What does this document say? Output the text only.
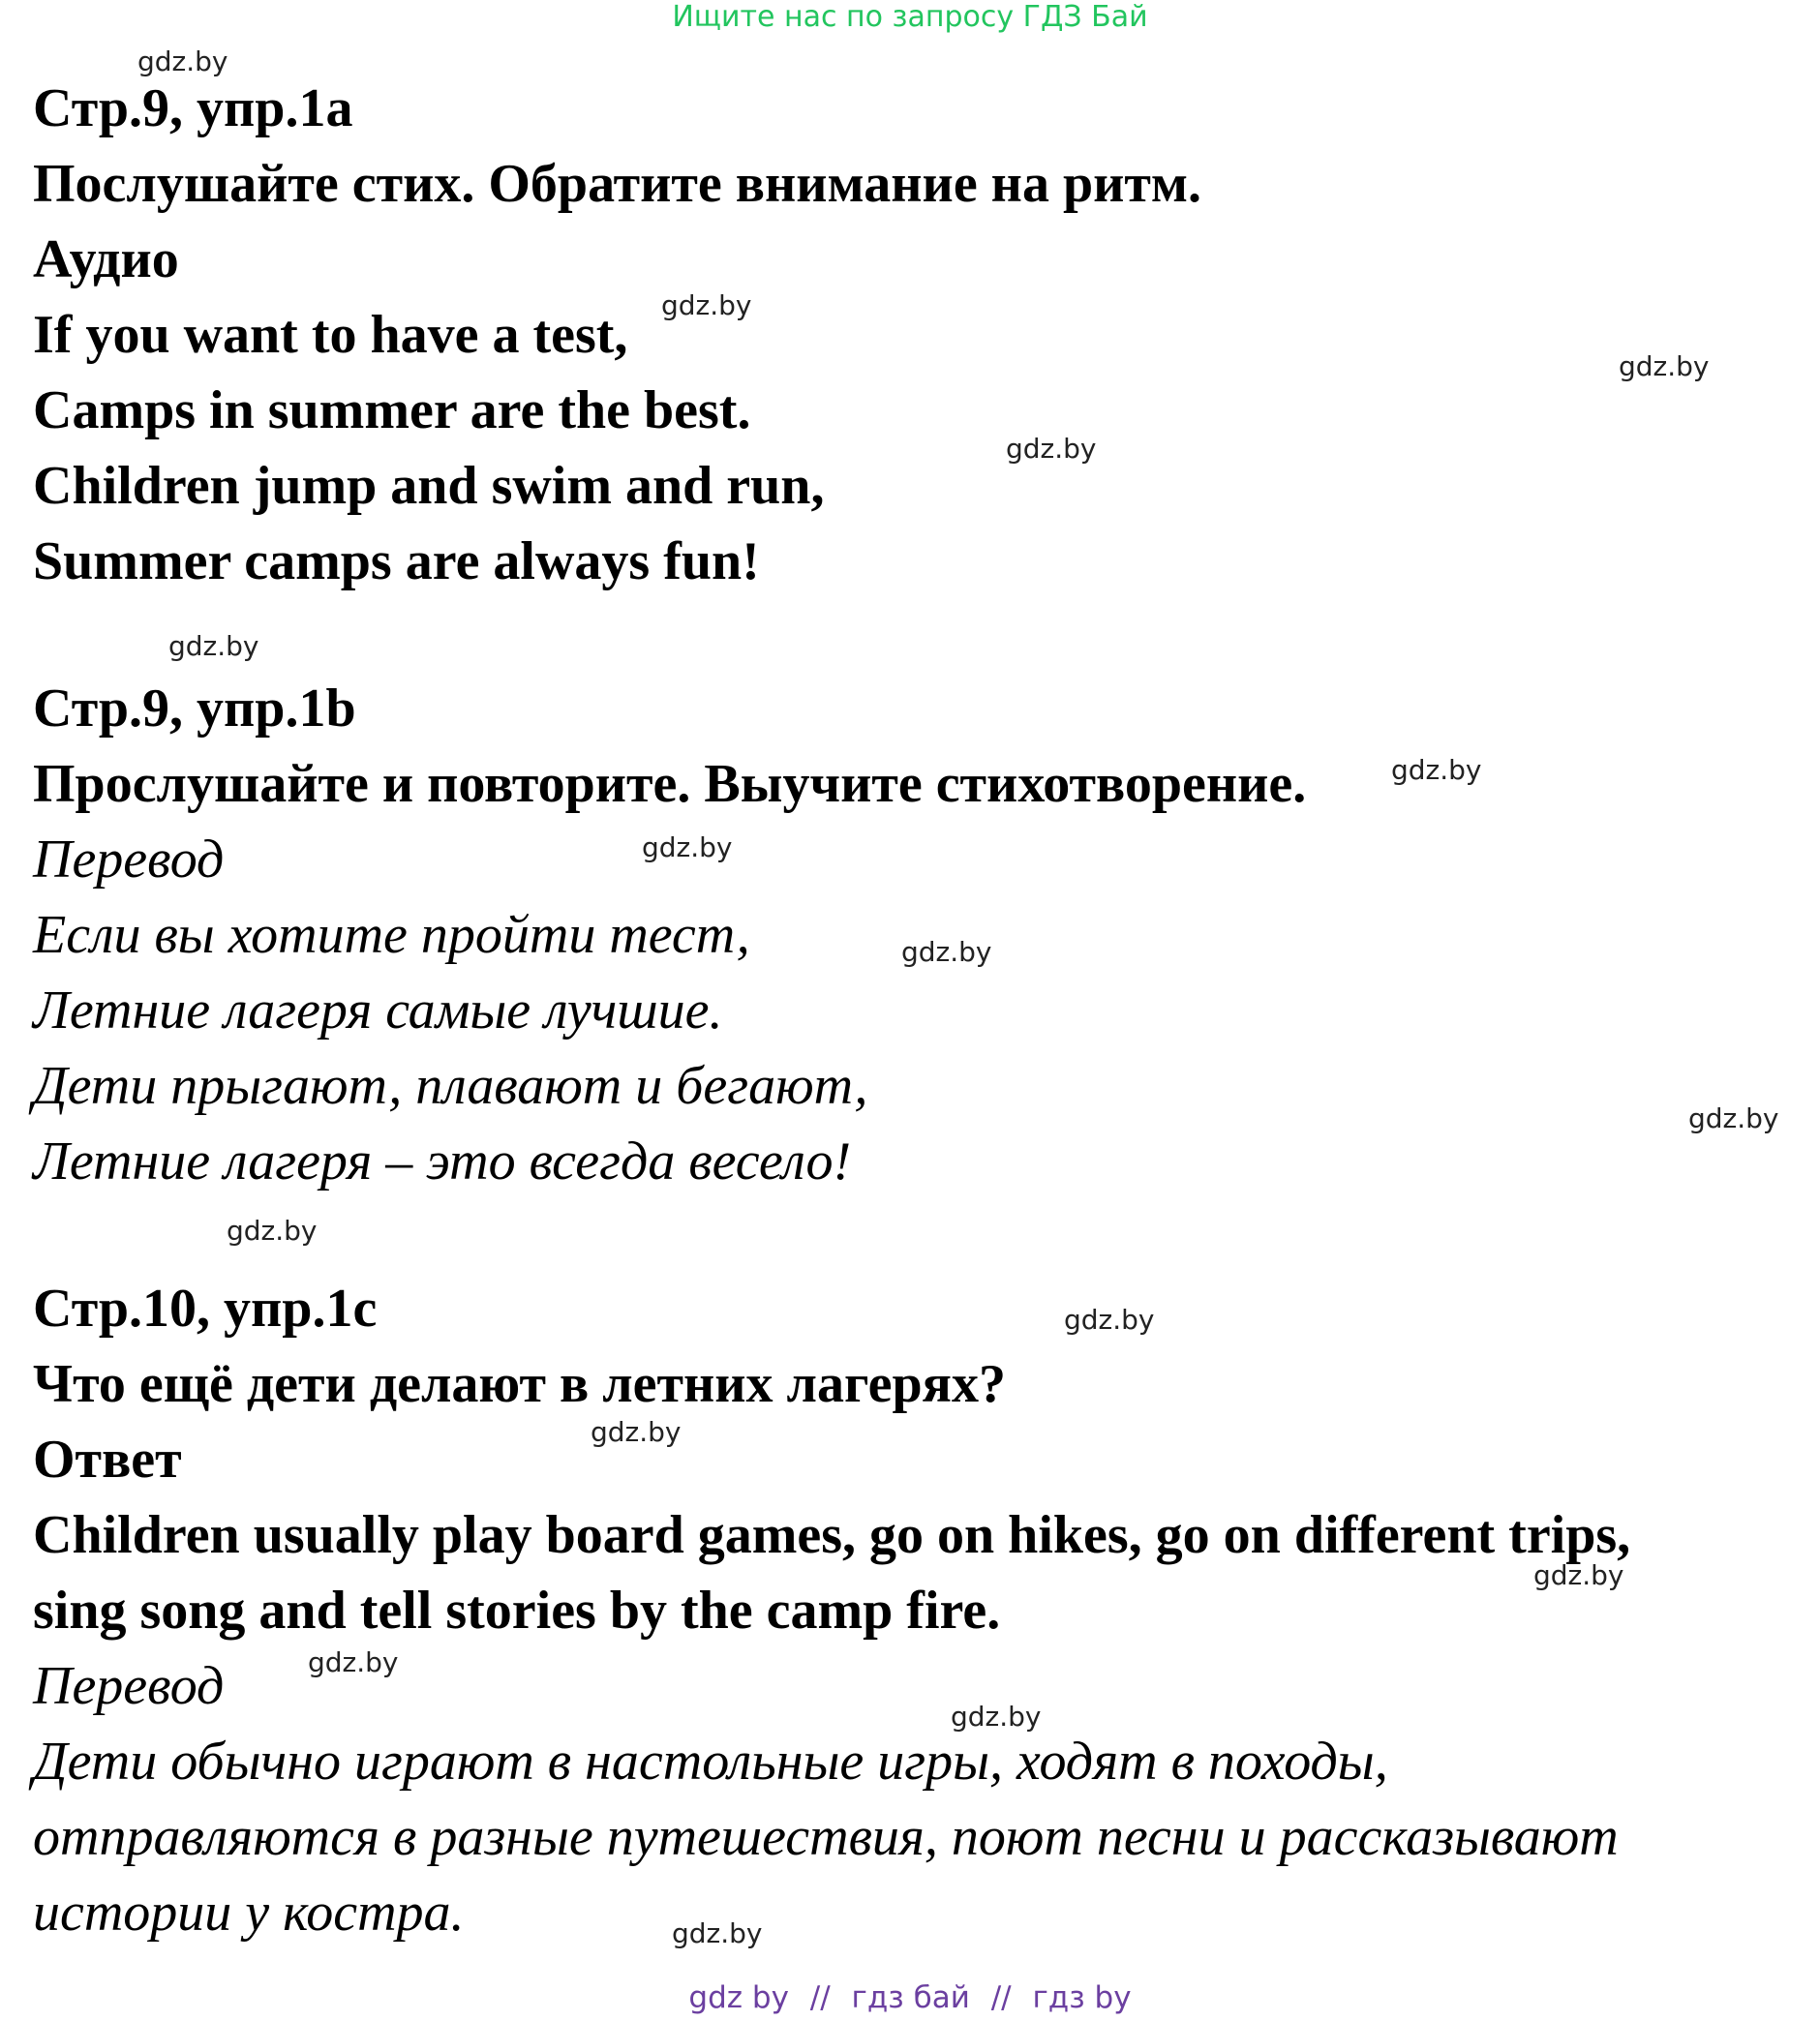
Ищите нас по запросу ГДЗ Бай
Стр.9, упр.1a
Послушайте стих. Обратите внимание на ритм.
Аудио
If you want to have a test,
Camps in summer are the best.
Children jump and swim and run,
Summer camps are always fun!
Стр.9, упр.1b
Прослушайте и повторите. Выучите стихотворение.
Перевод
Если вы хотите пройти тест,
Летние лагеря самые лучшие.
Дети прыгают, плавают и бегают,
Летние лагеря – это всегда весело!
Стр.10, упр.1c
Что ещё дети делают в летних лагерях?
Ответ
Children usually play board games, go on hikes, go on different trips,
sing song and tell stories by the camp fire.
Перевод
Дети обычно играют в настольные игры, ходят в походы,
отправляются в разные путешествия, поют песни и рассказывают
истории у костра.
gdz.by
gdz.by
gdz.by
gdz.by
gdz.by
gdz.by
gdz.by
gdz.by
gdz.by
gdz.by
gdz.by
gdz.by
gdz.by
gdz.by
gdz.by
gdz.by
gdz by // гдз бай // гдз by
